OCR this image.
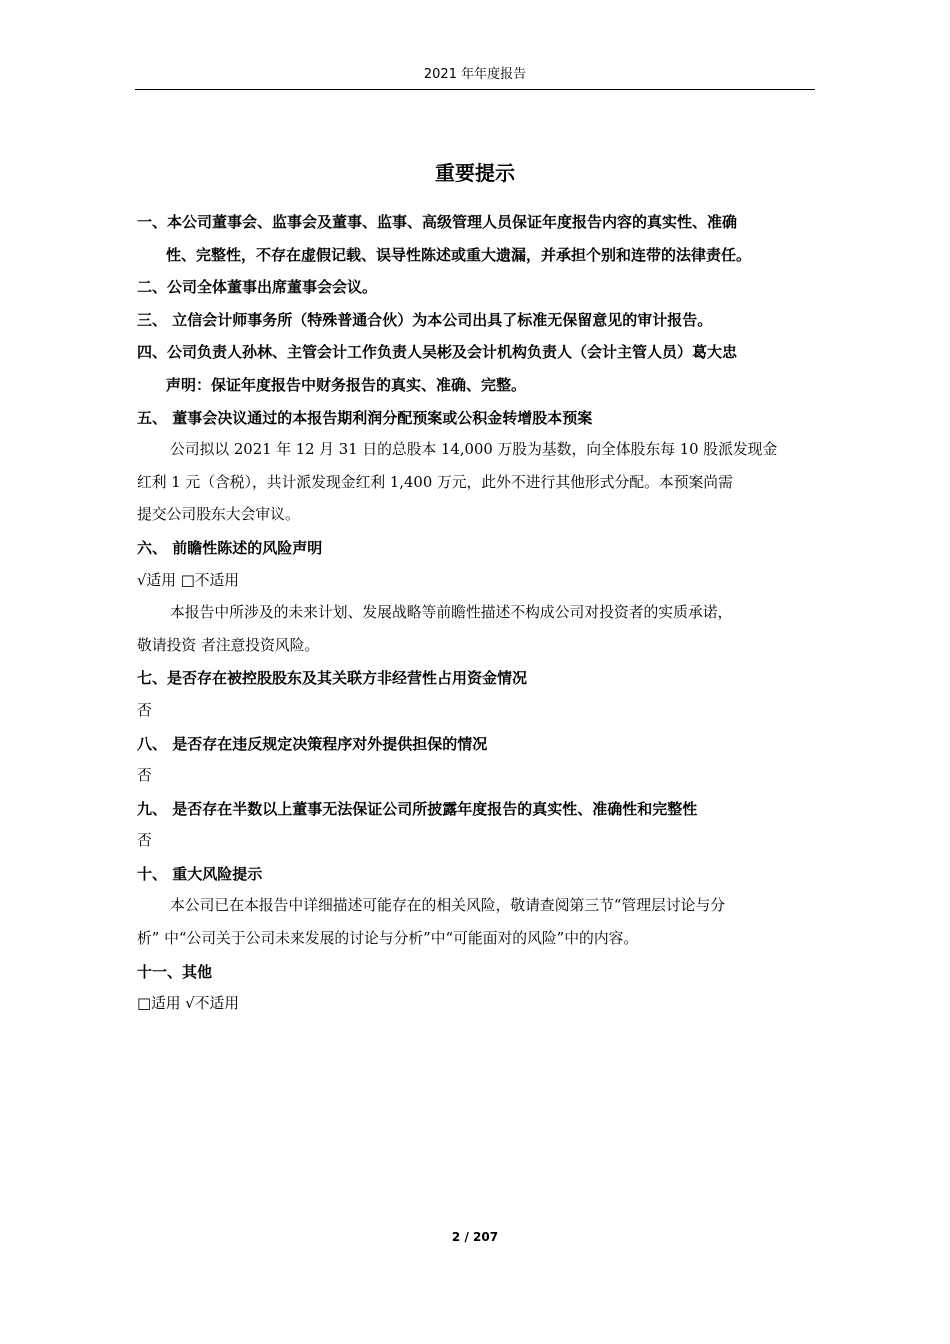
2021 年年度报告
重要提示
一、本公司董事会、监事会及董事、监事、高级管理人员保证年度报告内容的真实性、准确
性、完整性，不存在虚假记载、误导性陈述或重大遗漏，并承担个别和连带的法律责任。
二、公司全体董事出席董事会会议。
三、 立信会计师事务所（特殊普通合伙）为本公司出具了标准无保留意见的审计报告。
四、公司负责人孙林、主管会计工作负责人吴彬及会计机构负责人（会计主管人员）葛大忠
声明：保证年度报告中财务报告的真实、准确、完整。
五、 董事会决议通过的本报告期利润分配预案或公积金转增股本预案
公司拟以 2021 年 12 月 31 日的总股本 14,000 万股为基数，向全体股东每 10 股派发现金
红利 1 元（含税），共计派发现金红利 1,400 万元，此外不进行其他形式分配。本预案尚需
提交公司股东大会审议。
六、 前瞻性陈述的风险声明
√适用 □不适用
本报告中所涉及的未来计划、发展战略等前瞻性描述不构成公司对投资者的实质承诺，
敬请投资 者注意投资风险。
七、是否存在被控股股东及其关联方非经营性占用资金情况
否
八、 是否存在违反规定决策程序对外提供担保的情况
否
九、 是否存在半数以上董事无法保证公司所披露年度报告的真实性、准确性和完整性
否
十、 重大风险提示
本公司已在本报告中详细描述可能存在的相关风险，敬请查阅第三节“管理层讨论与分
析” 中“公司关于公司未来发展的讨论与分析”中“可能面对的风险”中的内容。
十一、其他
□适用 √不适用
2 / 207
